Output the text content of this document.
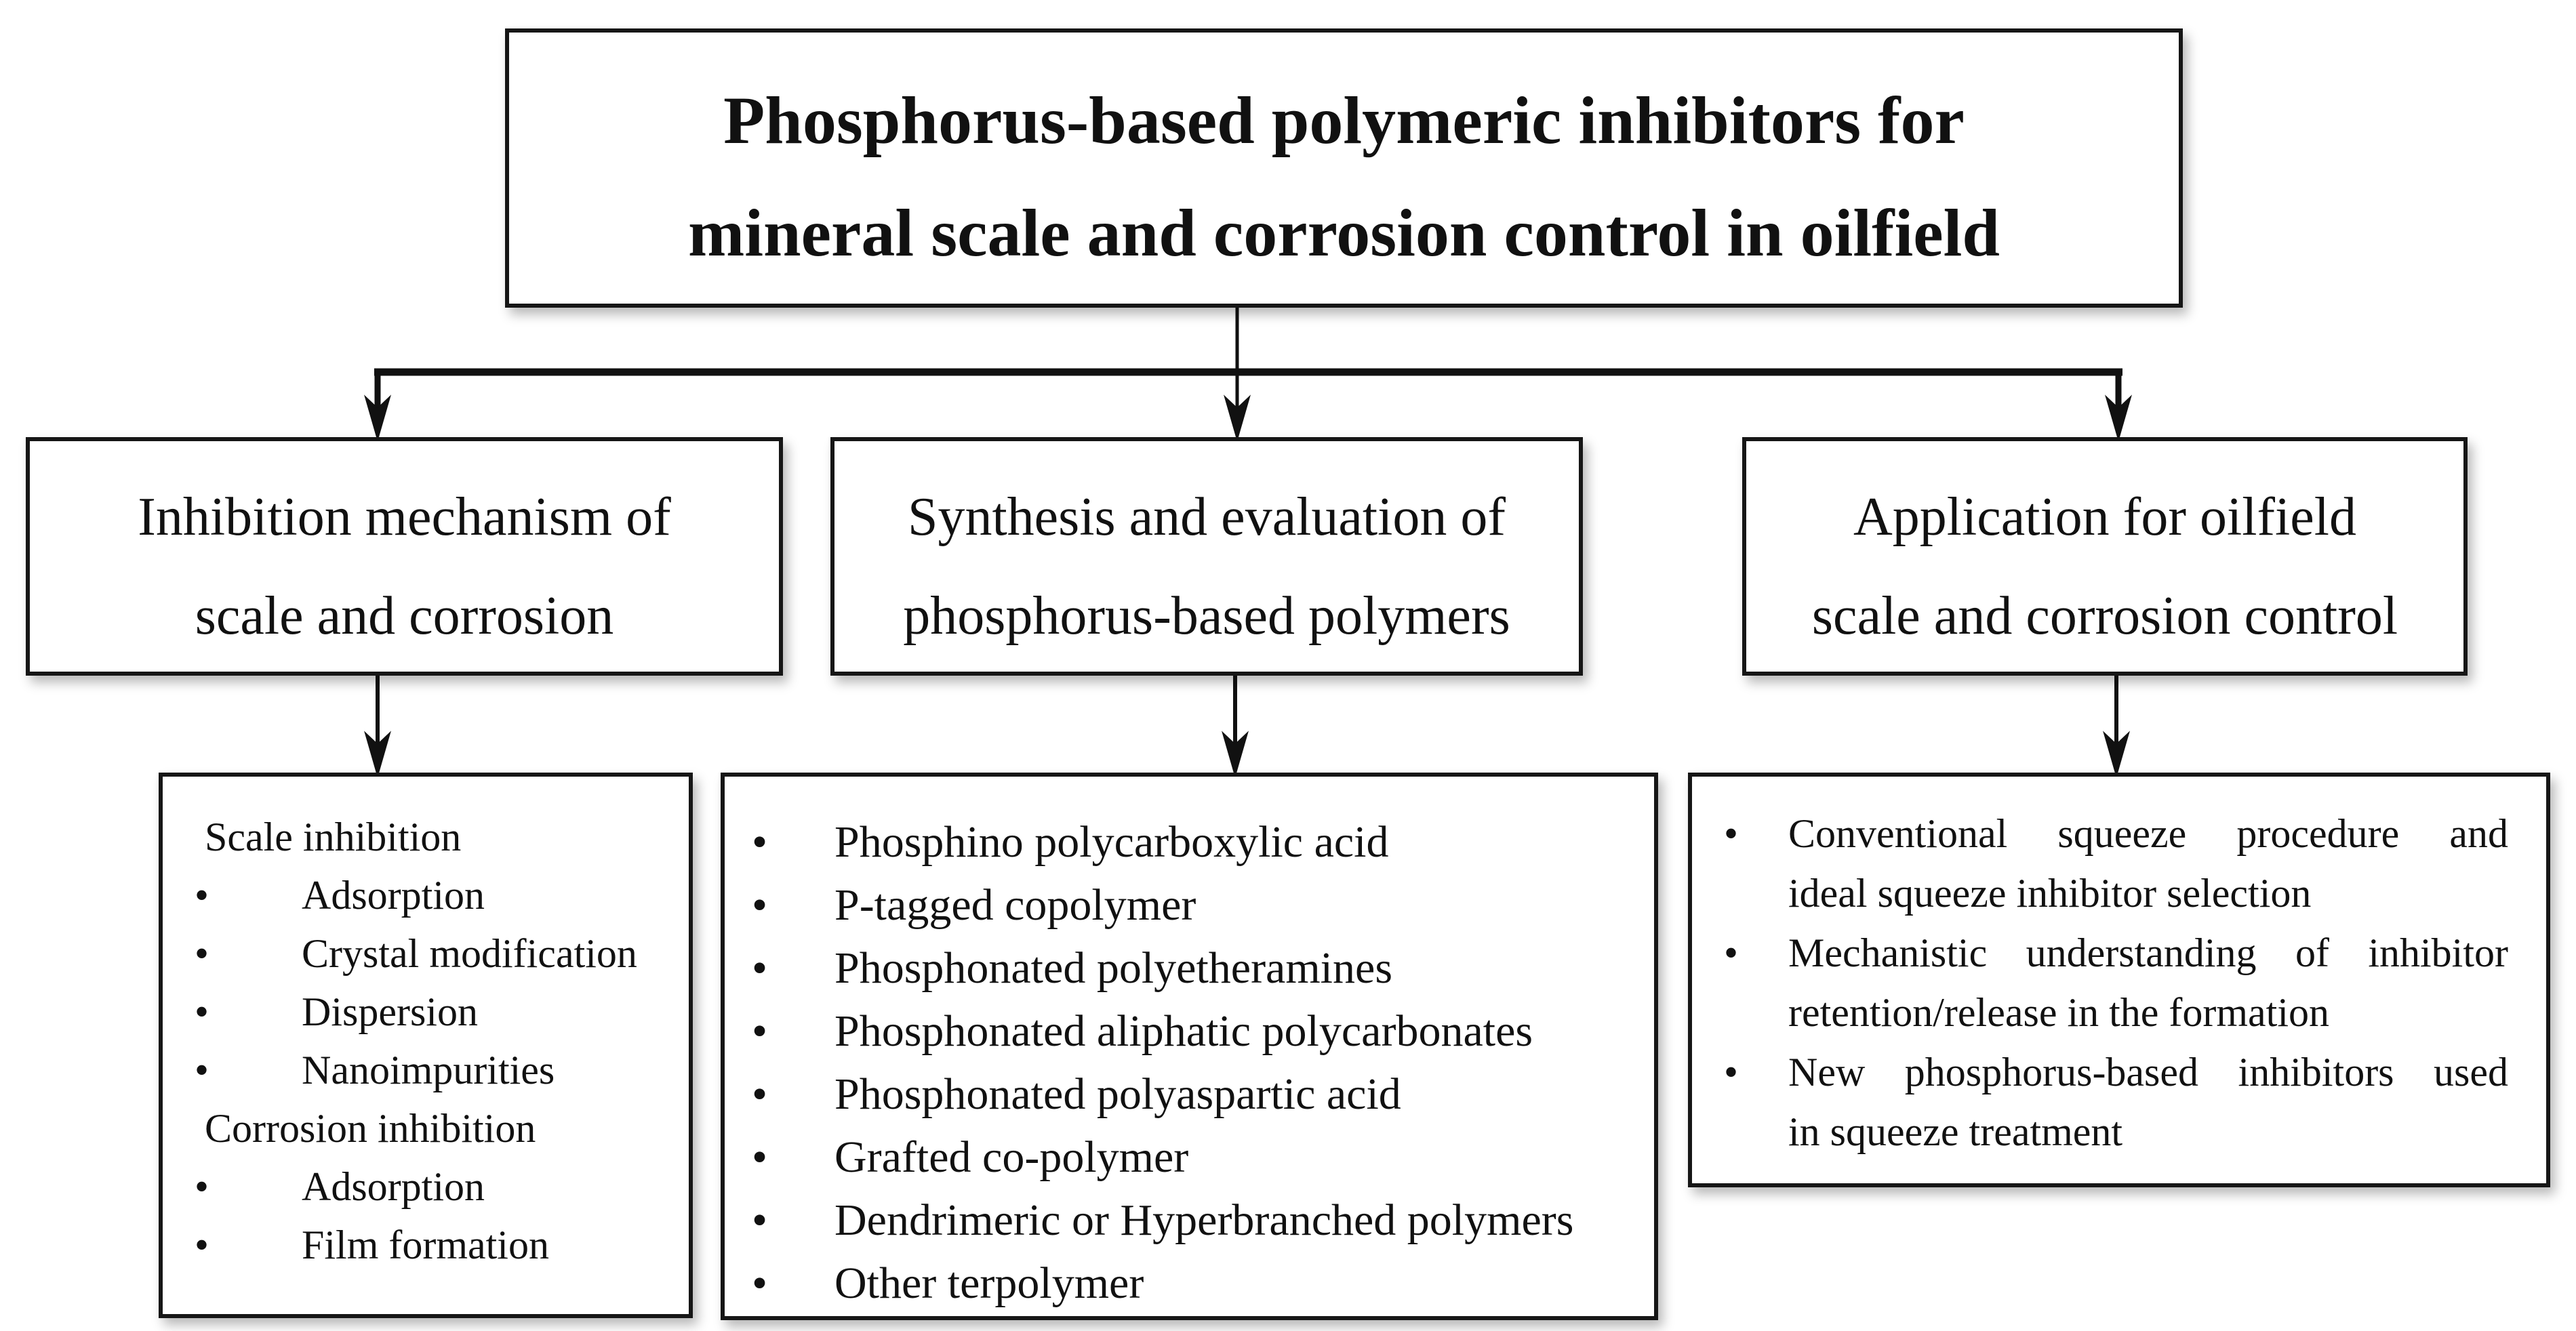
Phosphorus-based polymeric inhibitors for
mineral scale and corrosion control in oilfield
Inhibition mechanism of
scale and corrosion
Synthesis and evaluation of
phosphorus-based polymers
Application for oilfield
scale and corrosion control
Scale inhibition
• Adsorption
• Crystal modification
• Dispersion
• Nanoimpurities
Corrosion inhibition
• Adsorption
• Film formation
• Phosphino polycarboxylic acid
• P-tagged copolymer
• Phosphonated polyetheramines
• Phosphonated aliphatic polycarbonates
• Phosphonated polyaspartic acid
• Grafted co-polymer
• Dendrimeric or Hyperbranched polymers
• Other terpolymer
• Conventional squeeze procedure and
ideal squeeze inhibitor selection
• Mechanistic understanding of inhibitor
retention/release in the formation
• New phosphorus-based inhibitors used
in squeeze treatment
